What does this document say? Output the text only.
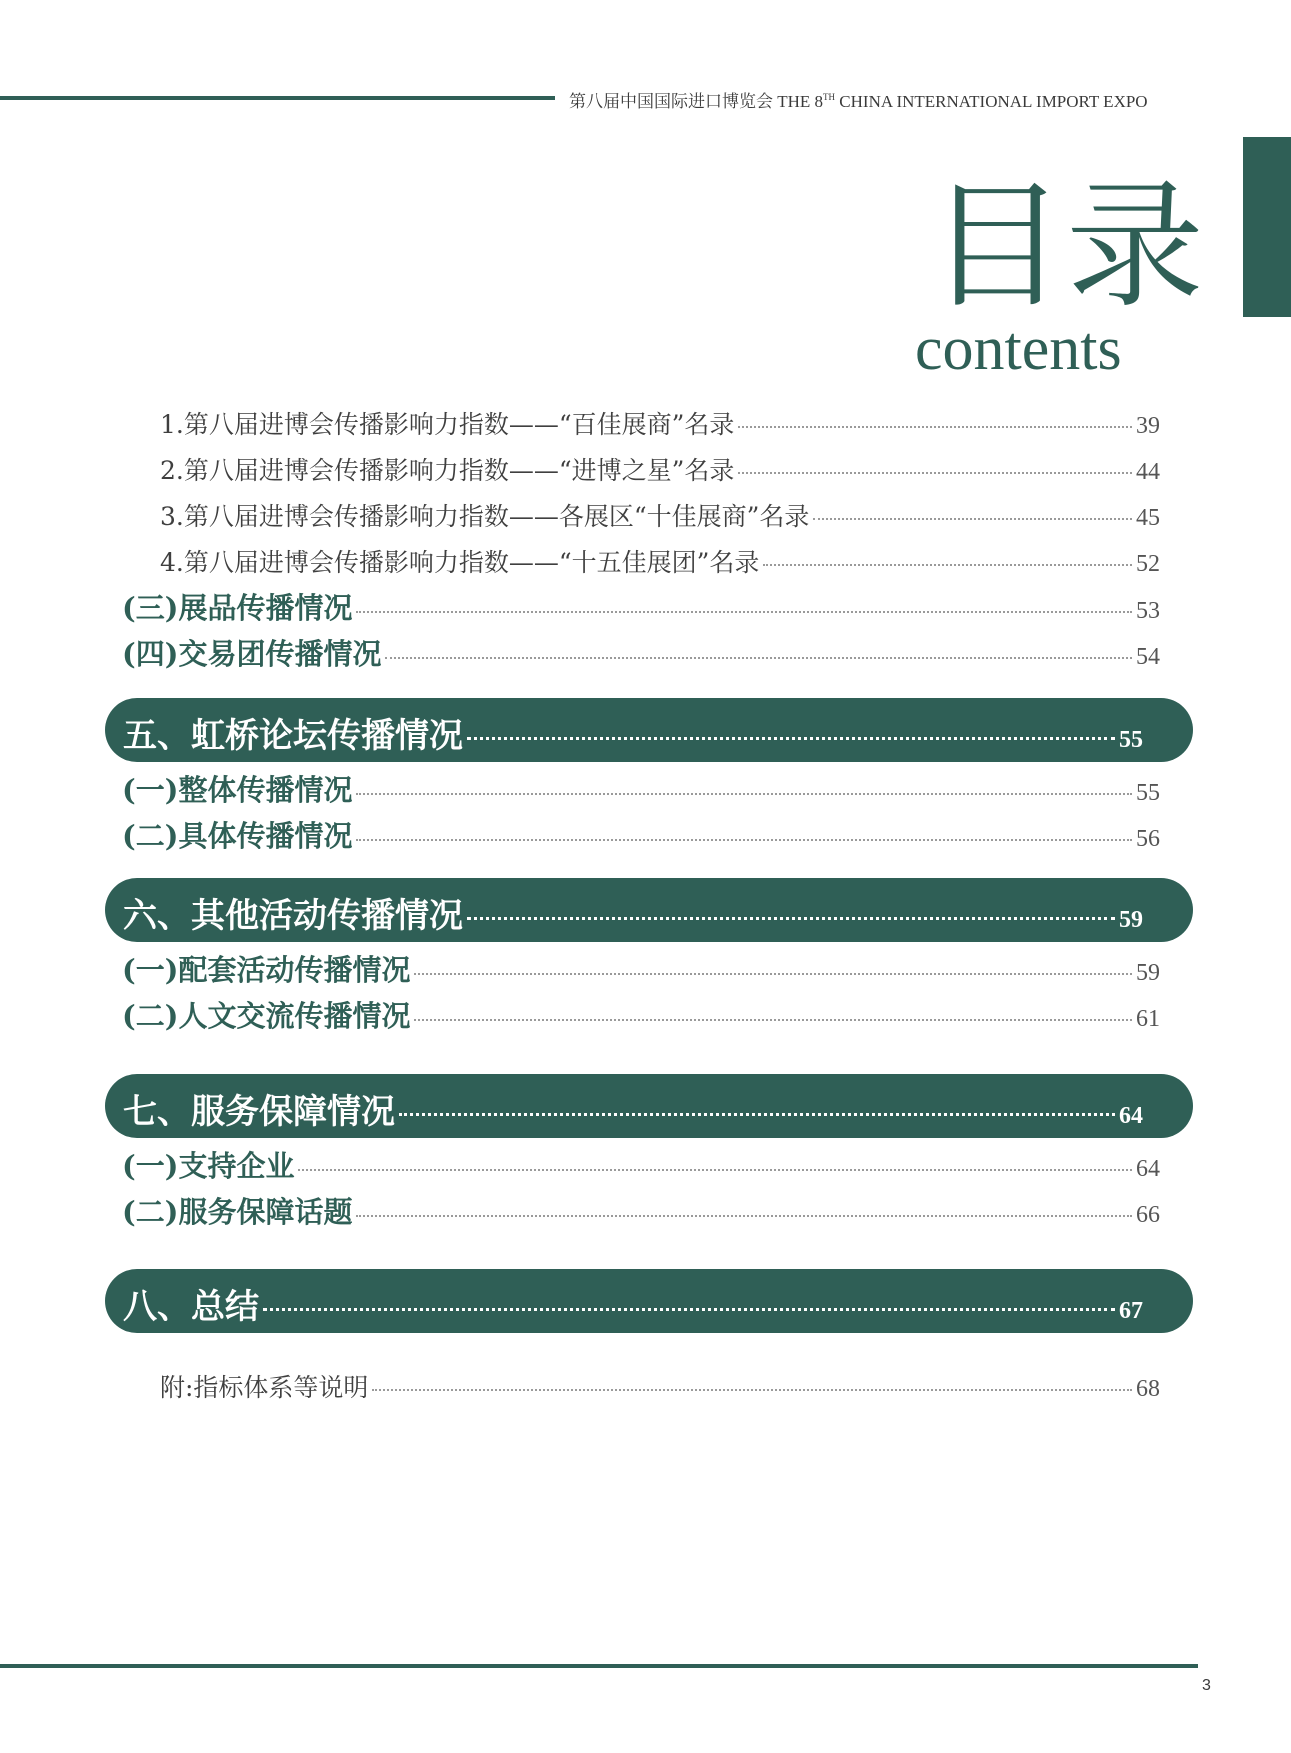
第八届中国国际进口博览会 THE 8TH CHINA INTERNATIONAL IMPORT EXPO
目录
contents
1.第八届进博会传播影响力指数——“百佳展商”名录	39
2.第八届进博会传播影响力指数——“进博之星”名录	44
3.第八届进博会传播影响力指数——各展区“十佳展商”名录	45
4.第八届进博会传播影响力指数——“十五佳展团”名录	52
(三)展品传播情况	53
(四)交易团传播情况	54
五、虹桥论坛传播情况	55
(一)整体传播情况	55
(二)具体传播情况	56
六、其他活动传播情况	59
(一)配套活动传播情况	59
(二)人文交流传播情况	61
七、服务保障情况	64
(一)支持企业	64
(二)服务保障话题	66
八、总结	67
附:指标体系等说明	68
3
